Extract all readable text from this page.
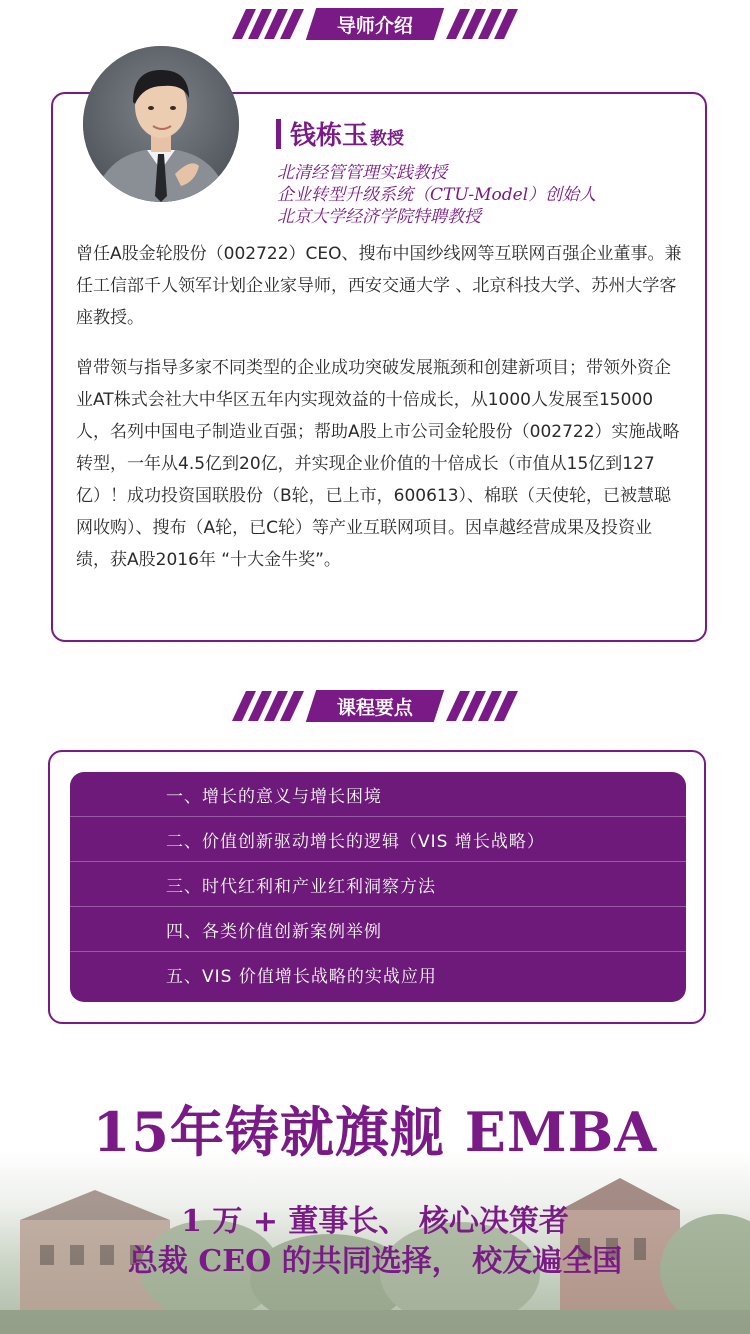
导师介绍
钱栋玉 教授
北清经管管理实践教授
企业转型升级系统（CTU-Model）创始人
北京大学经济学院特聘教授

曾任A股金轮股份（002722）CEO、搜布中国纱线网等互联网百强企业董事。兼任工信部千人领军计划企业家导师，西安交通大学 、北京科技大学、苏州大学客座教授。

曾带领与指导多家不同类型的企业成功突破发展瓶颈和创建新项目；带领外资企业AT株式会社大中华区五年内实现效益的十倍成长，从1000人发展至15000人，名列中国电子制造业百强；帮助A股上市公司金轮股份（002722）实施战略转型，一年从4.5亿到20亿，并实现企业价值的十倍成长（市值从15亿到127亿）！成功投资国联股份（B轮，已上市，600613）、棉联（天使轮，已被慧聪网收购）、搜布（A轮，已C轮）等产业互联网项目。因卓越经营成果及投资业绩，获A股2016年 “十大金牛奖”。

课程要点
一、增长的意义与增长困境
二、价值创新驱动增长的逻辑（VIS 增长战略）
三、时代红利和产业红利洞察方法
四、各类价值创新案例举例
五、VIS 价值增长战略的实战应用
15年铸就旗舰 EMBA
1 万 + 董事长、 核心决策者
总裁 CEO 的共同选择， 校友遍全国
